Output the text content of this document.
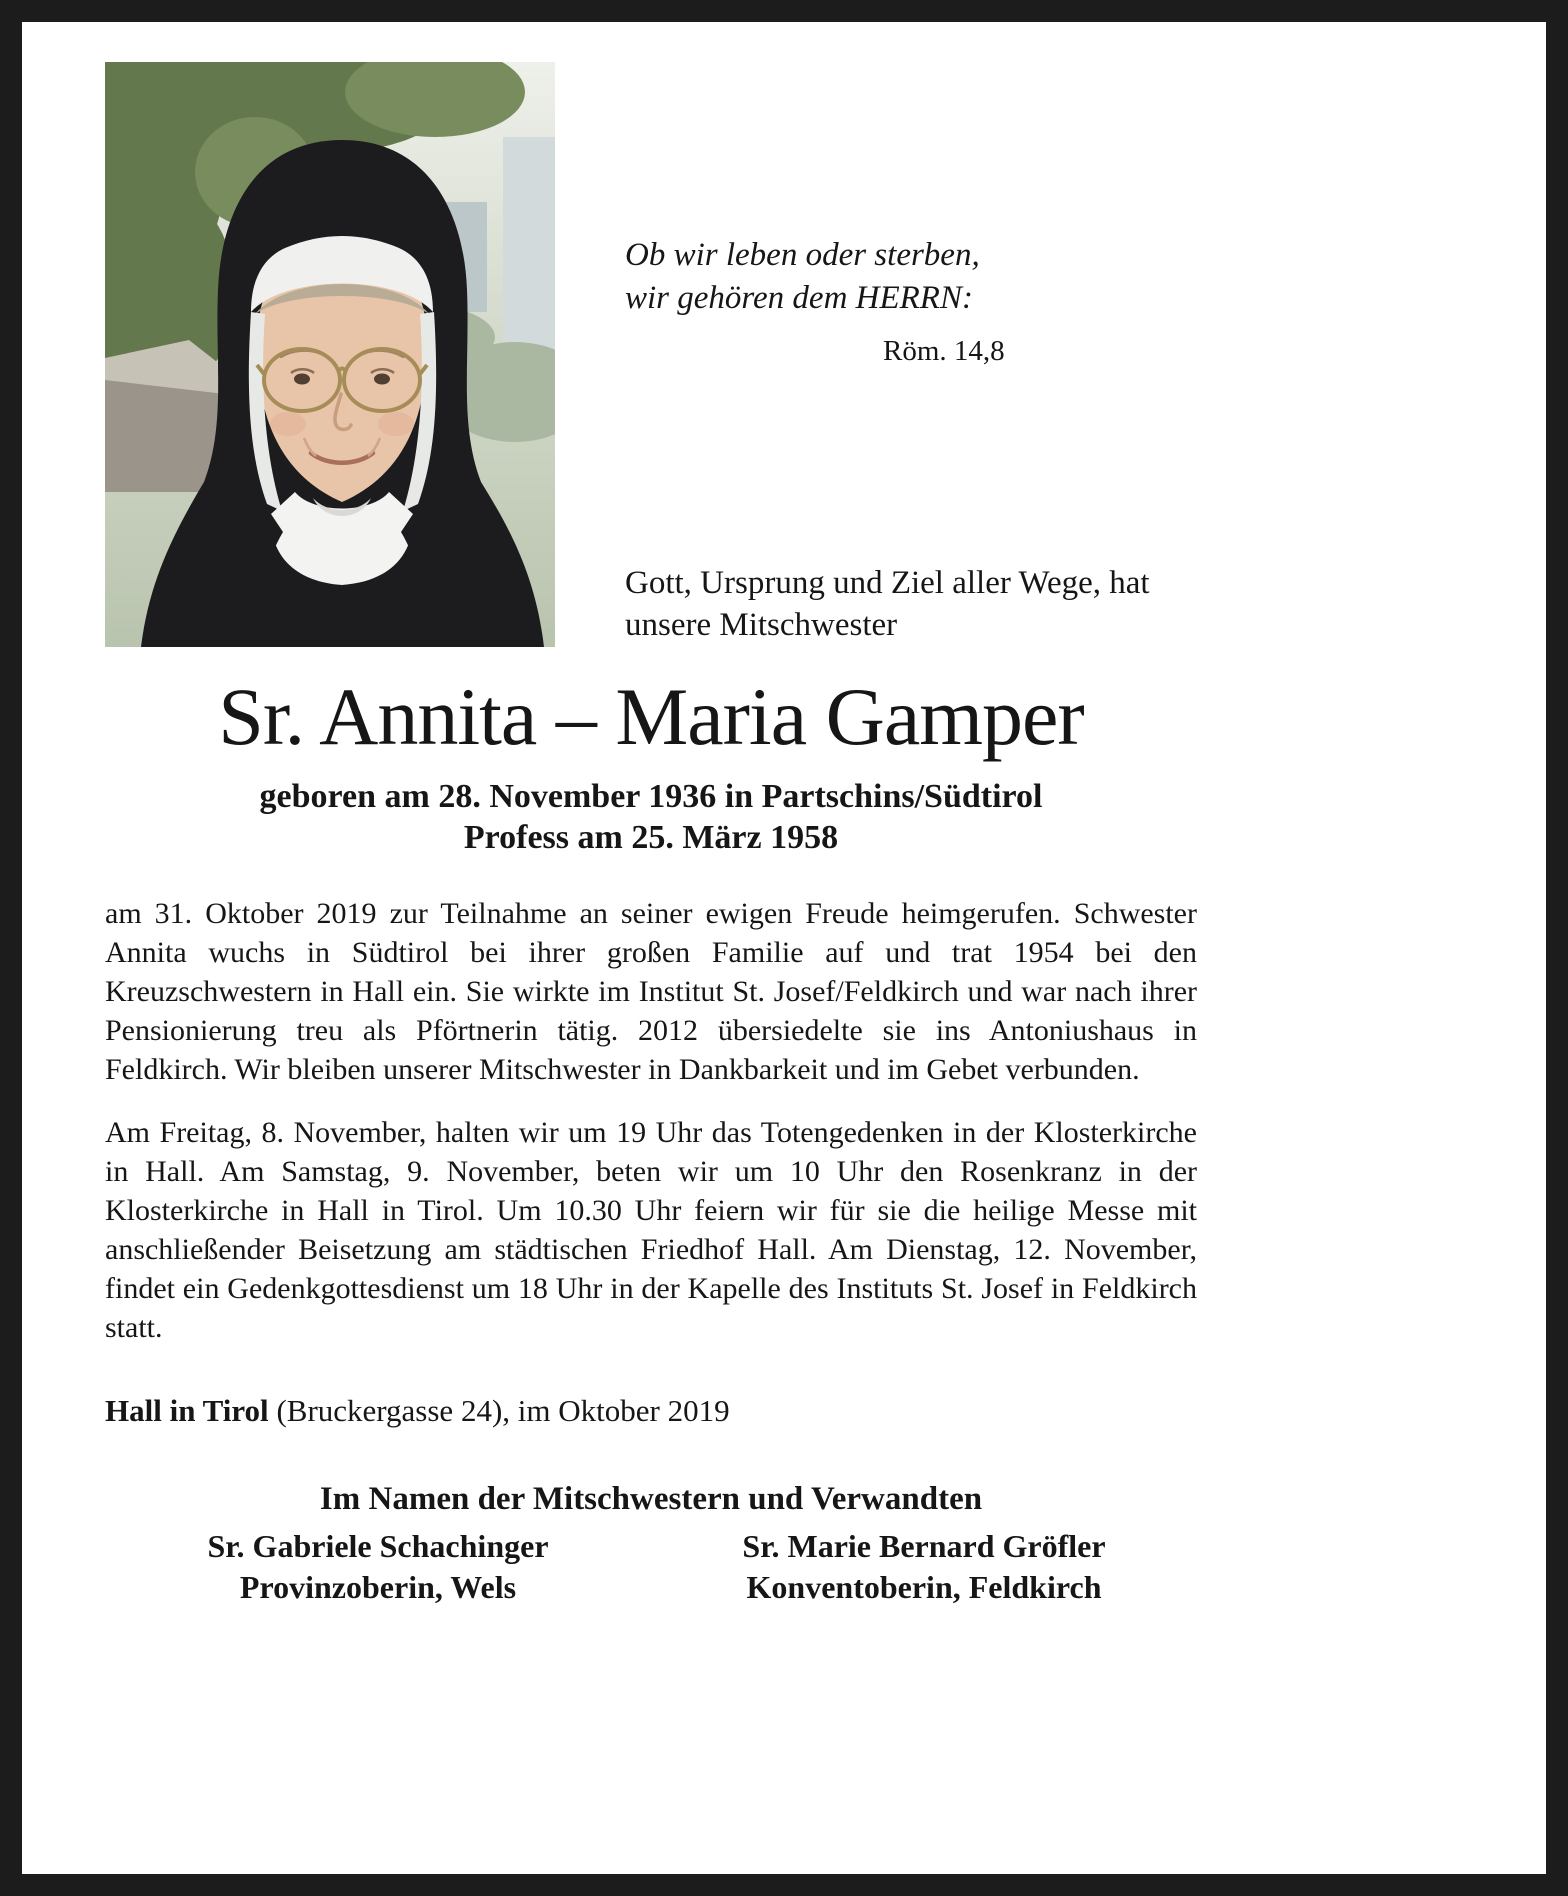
Ob wir leben oder sterben,
wir gehören dem HERRN:
Röm. 14,8
Gott, Ursprung und Ziel aller Wege, hat
unsere Mitschwester
Sr. Annita – Maria Gamper
geboren am 28. November 1936 in Partschins/Südtirol
Profess am 25. März 1958

am 31. Oktober 2019 zur Teilnahme an seiner ewigen Freude heimgerufen. Schwester Annita wuchs in Südtirol bei ihrer großen Familie auf und trat 1954 bei den Kreuzschwestern in Hall ein. Sie wirkte im Institut St. Josef/Feldkirch und war nach ihrer Pensionierung treu als Pförtnerin tätig. 2012 übersiedelte sie ins Antoniushaus in Feldkirch. Wir bleiben unserer Mitschwester in Dankbarkeit und im Gebet verbunden.

Am Freitag, 8. November, halten wir um 19 Uhr das Totengedenken in der Klosterkirche in Hall. Am Samstag, 9. November, beten wir um 10 Uhr den Rosenkranz in der Klosterkirche in Hall in Tirol. Um 10.30 Uhr feiern wir für sie die heilige Messe mit anschließender Beisetzung am städtischen Friedhof Hall. Am Dienstag, 12. November, findet ein Gedenkgottesdienst um 18 Uhr in der Kapelle des Instituts St. Josef in Feldkirch statt.

Hall in Tirol (Bruckergasse 24), im Oktober 2019

Im Namen der Mitschwestern und Verwandten
Sr. Gabriele Schachinger
Provinzoberin, Wels
Sr. Marie Bernard Gröfler
Konventoberin, Feldkirch
